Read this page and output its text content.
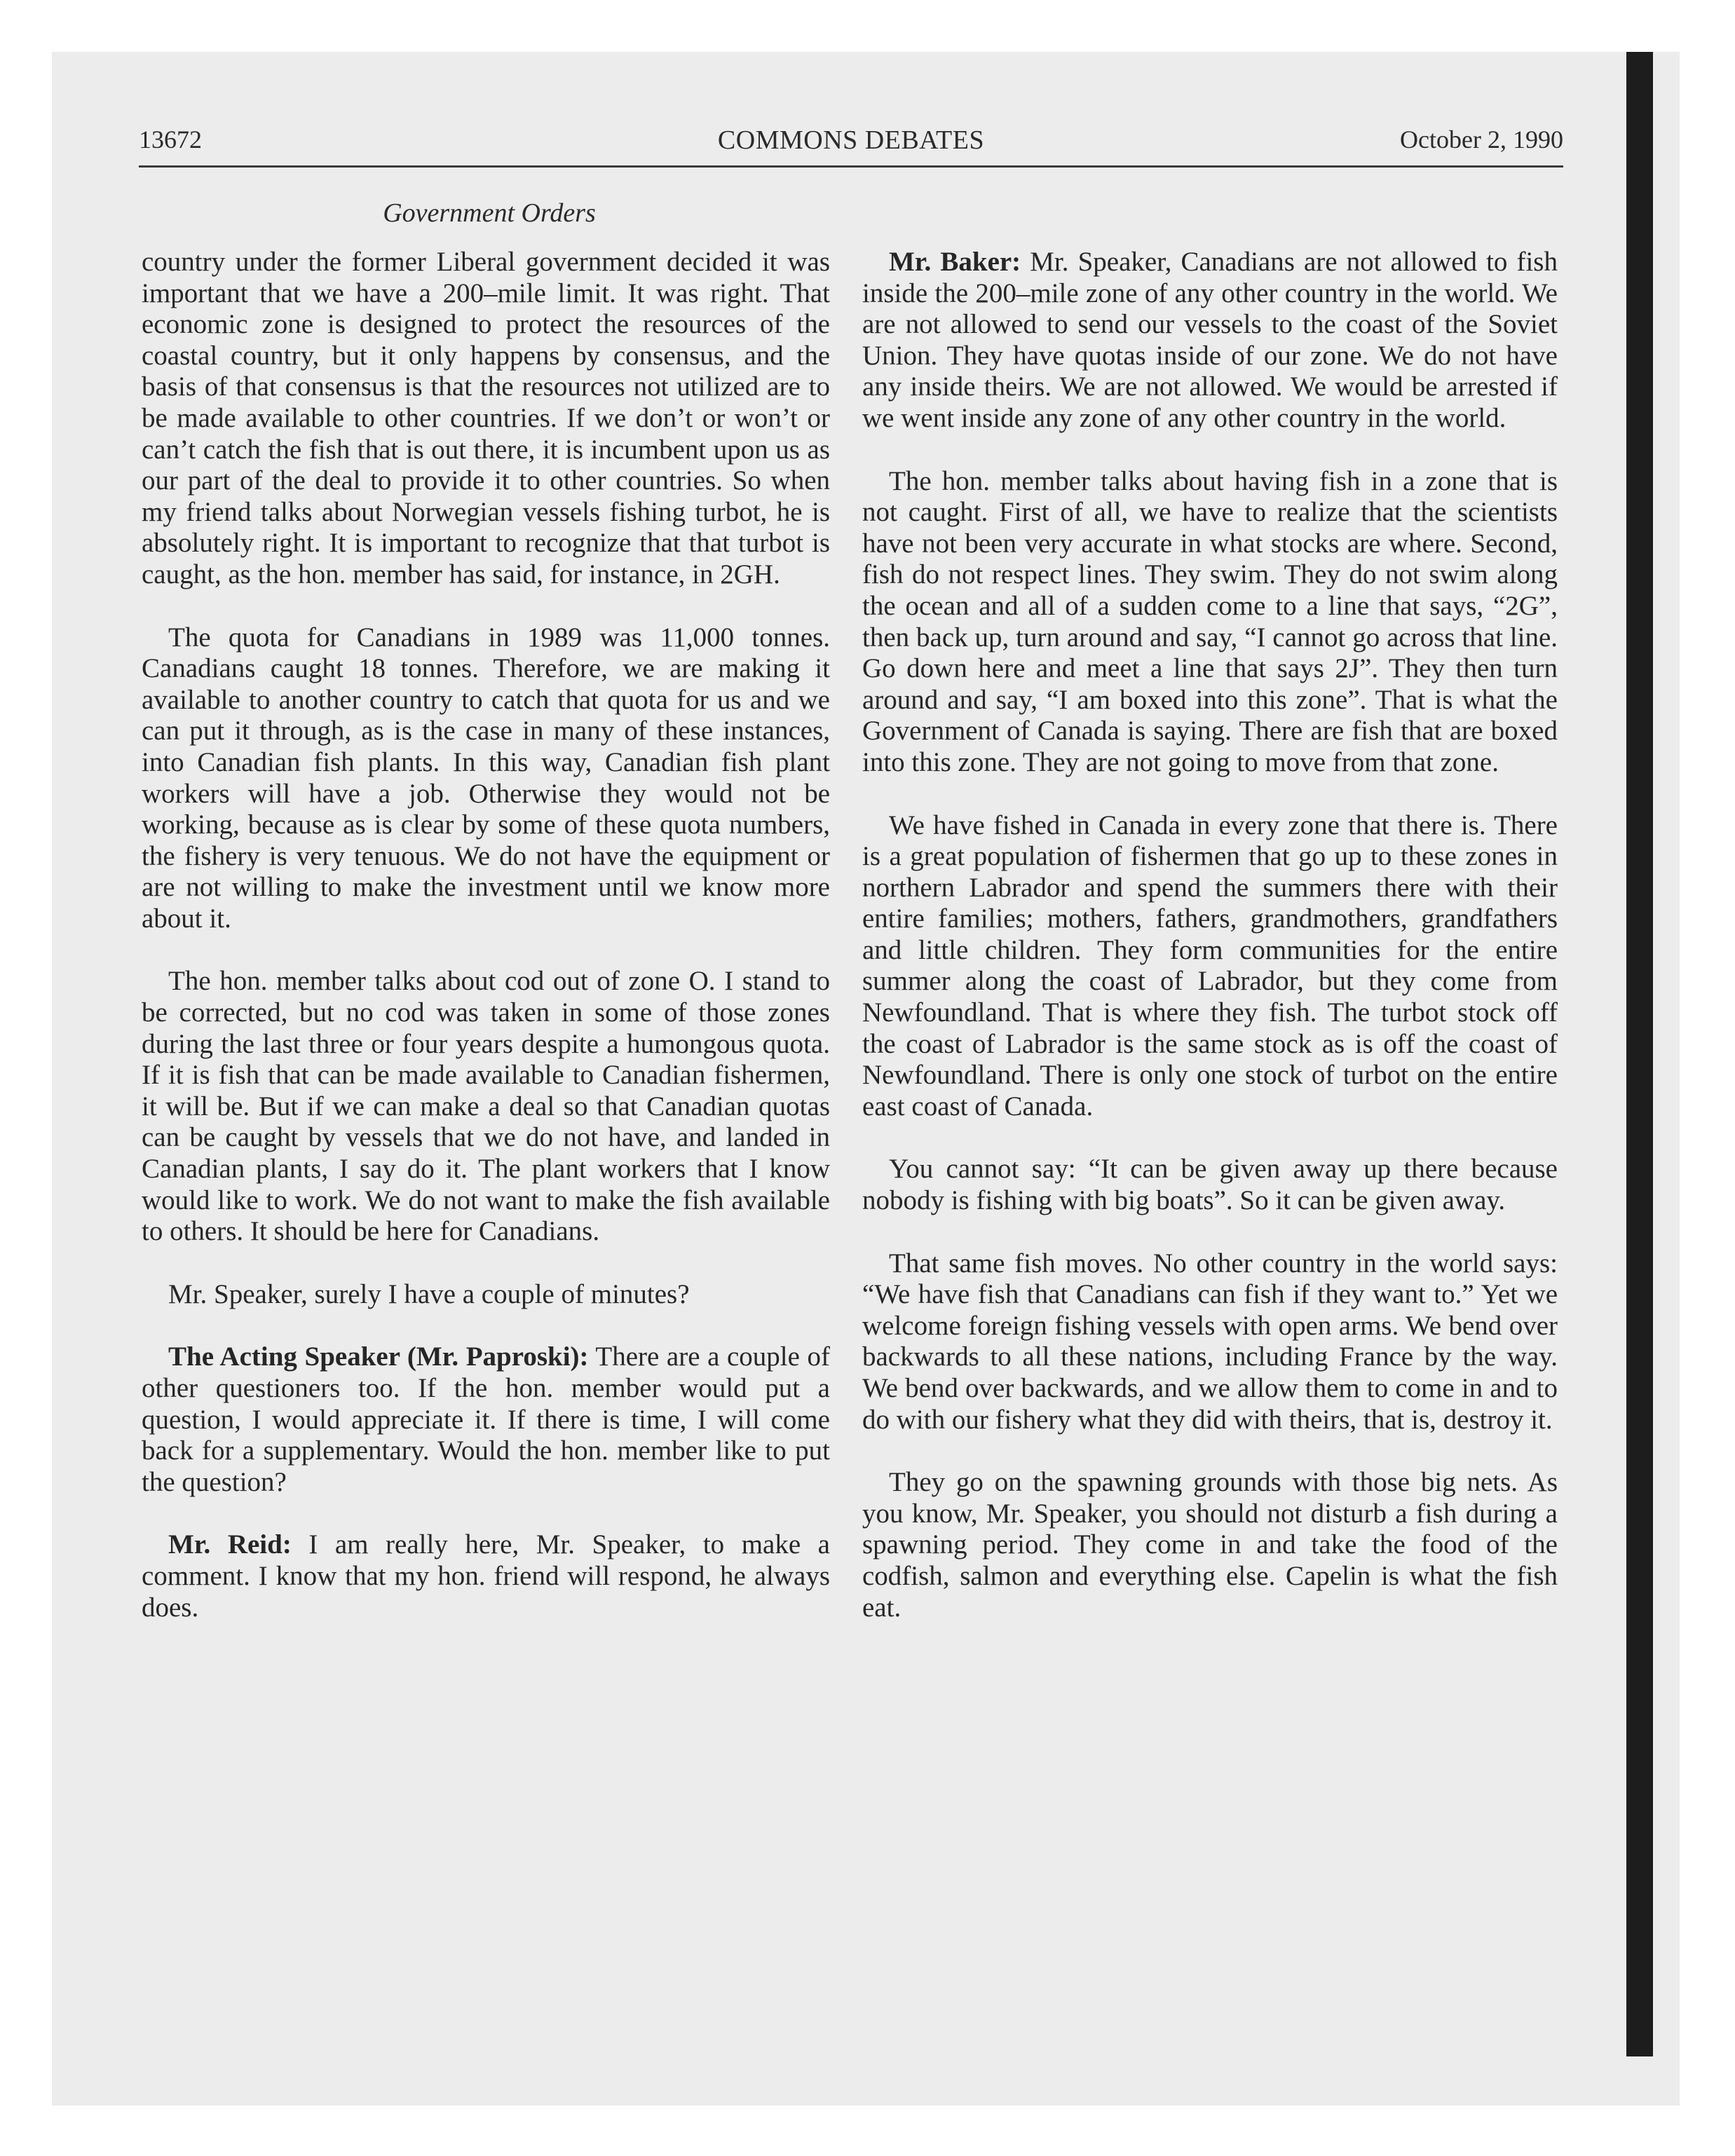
13672	COMMONS DEBATES	October 2, 1990
Government Orders

country under the former Liberal government decided it was important that we have a 200–mile limit. It was right. That economic zone is designed to protect the resources of the coastal country, but it only happens by consensus, and the basis of that consensus is that the resources not utilized are to be made available to other countries. If we don’t or won’t or can’t catch the fish that is out there, it is incumbent upon us as our part of the deal to provide it to other countries. So when my friend talks about Norwegian vessels fishing turbot, he is absolutely right. It is important to recognize that that turbot is caught, as the hon. member has said, for instance, in 2GH.

The quota for Canadians in 1989 was 11,000 tonnes. Canadians caught 18 tonnes. Therefore, we are making it available to another country to catch that quota for us and we can put it through, as is the case in many of these instances, into Canadian fish plants. In this way, Canadian fish plant workers will have a job. Otherwise they would not be working, because as is clear by some of these quota numbers, the fishery is very tenuous. We do not have the equipment or are not willing to make the investment until we know more about it.

The hon. member talks about cod out of zone O. I stand to be corrected, but no cod was taken in some of those zones during the last three or four years despite a humongous quota. If it is fish that can be made available to Canadian fishermen, it will be. But if we can make a deal so that Canadian quotas can be caught by vessels that we do not have, and landed in Canadian plants, I say do it. The plant workers that I know would like to work. We do not want to make the fish available to others. It should be here for Canadians.

Mr. Speaker, surely I have a couple of minutes?

The Acting Speaker (Mr. Paproski): There are a couple of other questioners too. If the hon. member would put a question, I would appreciate it. If there is time, I will come back for a supplementary. Would the hon. member like to put the question?

Mr. Reid: I am really here, Mr. Speaker, to make a comment. I know that my hon. friend will respond, he always does.

Mr. Baker: Mr. Speaker, Canadians are not allowed to fish inside the 200–mile zone of any other country in the world. We are not allowed to send our vessels to the coast of the Soviet Union. They have quotas inside of our zone. We do not have any inside theirs. We are not allowed. We would be arrested if we went inside any zone of any other country in the world.

The hon. member talks about having fish in a zone that is not caught. First of all, we have to realize that the scientists have not been very accurate in what stocks are where. Second, fish do not respect lines. They swim. They do not swim along the ocean and all of a sudden come to a line that says, “2G”, then back up, turn around and say, “I cannot go across that line. Go down here and meet a line that says 2J”. They then turn around and say, “I am boxed into this zone”. That is what the Government of Canada is saying. There are fish that are boxed into this zone. They are not going to move from that zone.

We have fished in Canada in every zone that there is. There is a great population of fishermen that go up to these zones in northern Labrador and spend the summers there with their entire families; mothers, fathers, grandmothers, grandfathers and little children. They form communities for the entire summer along the coast of Labrador, but they come from Newfoundland. That is where they fish. The turbot stock off the coast of Labrador is the same stock as is off the coast of Newfoundland. There is only one stock of turbot on the entire east coast of Canada.

You cannot say: “It can be given away up there because nobody is fishing with big boats”. So it can be given away.

That same fish moves. No other country in the world says: “We have fish that Canadians can fish if they want to.” Yet we welcome foreign fishing vessels with open arms. We bend over backwards to all these nations, including France by the way. We bend over backwards, and we allow them to come in and to do with our fishery what they did with theirs, that is, destroy it.

They go on the spawning grounds with those big nets. As you know, Mr. Speaker, you should not disturb a fish during a spawning period. They come in and take the food of the codfish, salmon and everything else. Capelin is what the fish eat.
